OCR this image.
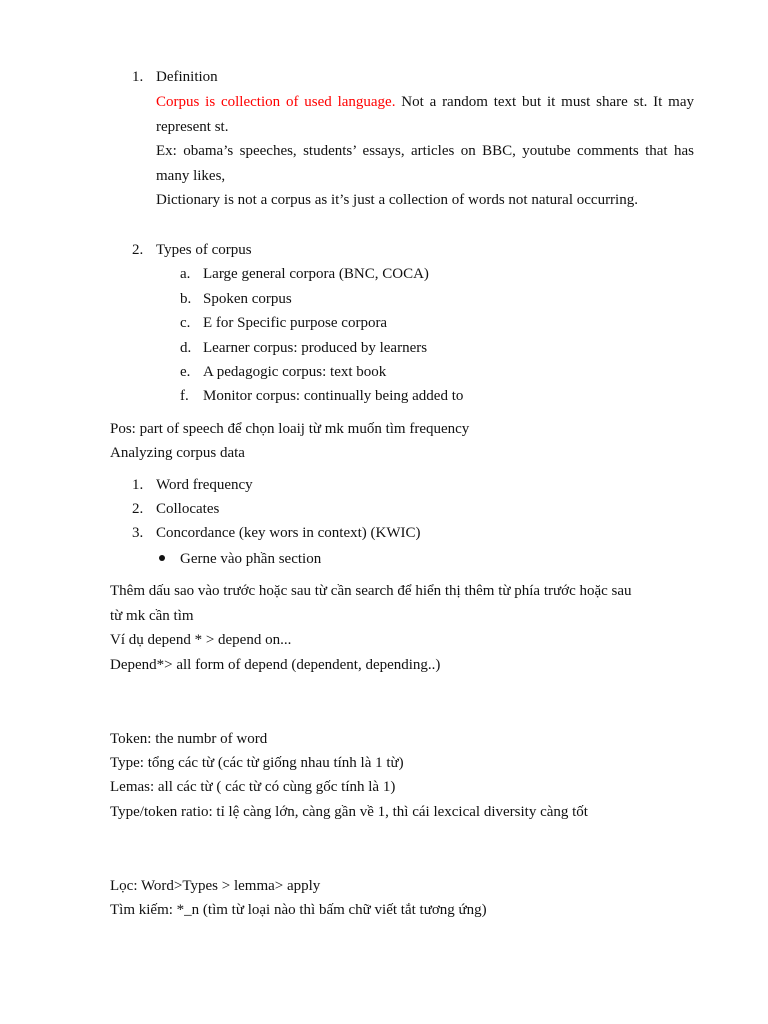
1. Definition
Corpus is collection of used language. Not a random text but it must share st. It may represent st.
Ex: obama’s speeches, students’ essays, articles on BBC, youtube comments that has many likes,
Dictionary is not a corpus as it’s just a collection of words not natural occurring.
2. Types of corpus
a. Large general corpora (BNC, COCA)
b. Spoken corpus
c. E for Specific purpose corpora
d. Learner corpus: produced by learners
e. A pedagogic corpus: text book
f. Monitor corpus: continually being added to
Pos: part of speech để chọn loaij từ mk muốn tìm frequency
Analyzing corpus data
1. Word frequency
2. Collocates
3. Concordance (key wors in context) (KWIC)
Gerne vào phần section
Thêm dấu sao vào trước hoặc sau từ cần search để hiển thị thêm từ phía trước hoặc sau
từ mk cần tìm
Ví dụ depend * > depend on...
Depend*> all form of depend (dependent, depending..)
Token: the numbr of word
Type: tổng các từ (các từ giống nhau tính là 1 từ)
Lemas: all các từ ( các từ có cùng gốc tính là 1)
Type/token ratio: tỉ lệ càng lớn, càng gần về 1, thì cái lexcical diversity càng tốt
Lọc: Word>Types > lemma> apply
Tìm kiếm: *_n (tìm từ loại nào thì bấm chữ viết tắt tương ứng)
